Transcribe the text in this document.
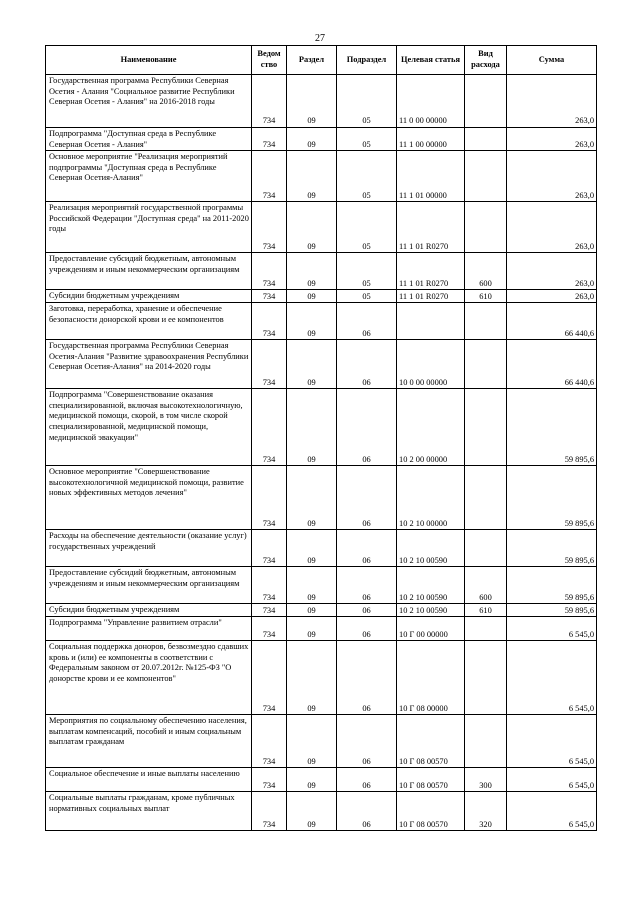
27
Наименование	Ведом ство	Раздел	Подраздел	Целевая статья	Вид расхода	Сумма
Государственная программа Республики Северная Осетия - Алания "Социальное развитие Республики Северная Осетия - Алания" на 2016-2018 годы	734	09	05	11 0 00 00000		263,0
Подпрограмма "Доступная среда в Республике Северная Осетия - Алания"	734	09	05	11 1 00 00000		263,0
Основное мероприятие "Реализация мероприятий подпрограммы "Доступная среда в Республике Северная Осетия-Алания"	734	09	05	11 1 01 00000		263,0
Реализация мероприятий государственной программы Российской Федерации "Доступная среда" на 2011-2020 годы	734	09	05	11 1 01 R0270		263,0
Предоставление субсидий бюджетным, автономным учреждениям и иным некоммерческим организациям	734	09	05	11 1 01 R0270	600	263,0
Субсидии бюджетным учреждениям	734	09	05	11 1 01 R0270	610	263,0
Заготовка, переработка, хранение и обеспечение безопасности донорской крови и ее компонентов	734	09	06			66 440,6
Государственная программа Республики Северная Осетия-Алания "Развитие здравоохранения Республики Северная Осетия-Алания" на 2014-2020 годы	734	09	06	10 0 00 00000		66 440,6
Подпрограмма "Совершенствование оказания специализированной, включая высокотехнологичную, медицинской помощи, скорой, в том числе скорой специализированной, медицинской помощи, медицинской эвакуации"	734	09	06	10 2 00 00000		59 895,6
Основное мероприятие "Совершенствование высокотехнологичной медицинской помощи, развитие новых эффективных методов лечения"	734	09	06	10 2 10 00000		59 895,6
Расходы на обеспечение деятельности (оказание услуг) государственных учреждений	734	09	06	10 2 10 00590		59 895,6
Предоставление субсидий бюджетным, автономным учреждениям и иным некоммерческим организациям	734	09	06	10 2 10 00590	600	59 895,6
Субсидии бюджетным учреждениям	734	09	06	10 2 10 00590	610	59 895,6
Подпрограмма "Управление развитием отрасли"	734	09	06	10 Г 00 00000		6 545,0
Социальная поддержка доноров, безвозмездно сдавших кровь и (или) ее компоненты в соответствии с Федеральным законом от 20.07.2012г. №125-ФЗ "О донорстве крови и ее компонентов"	734	09	06	10 Г 08 00000		6 545,0
Мероприятия по социальному обеспечению населения, выплатам компенсаций, пособий и иным социальным выплатам гражданам	734	09	06	10 Г 08 00570		6 545,0
Социальное обеспечение и иные выплаты населению	734	09	06	10 Г 08 00570	300	6 545,0
Социальные выплаты гражданам, кроме публичных нормативных социальных выплат	734	09	06	10 Г 08 00570	320	6 545,0
